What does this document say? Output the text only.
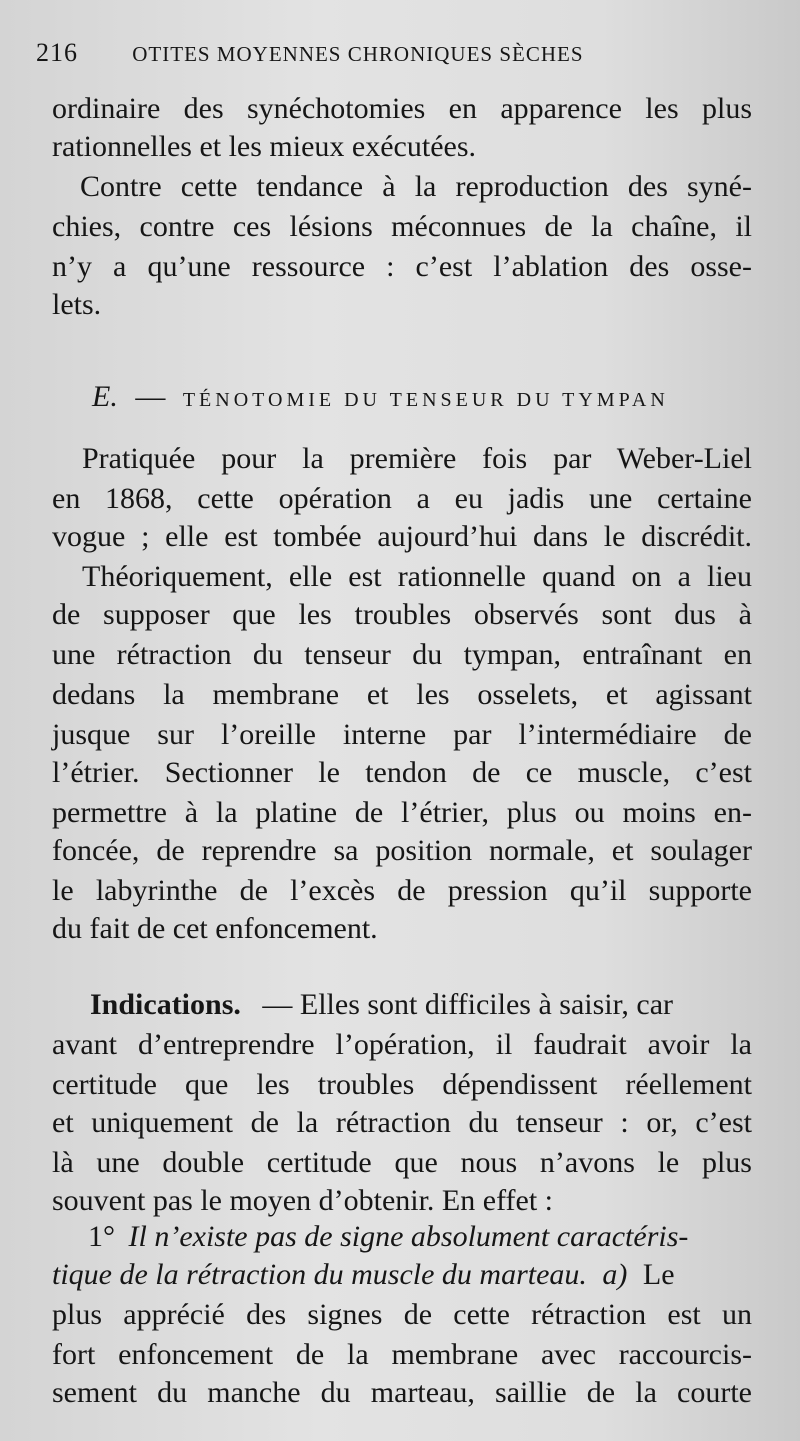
216	OTITES MOYENNES CHRONIQUES SÈCHES
ordinaire des synéchotomies en apparence les plus
rationnelles et les mieux exécutées.
Contre cette tendance à la reproduction des syné-
chies, contre ces lésions méconnues de la chaîne, il
n’y a qu’une ressource : c’est l’ablation des osse-
lets.
E. — TÉNOTOMIE DU TENSEUR DU TYMPAN
Pratiquée pour la première fois par Weber-Liel
en 1868, cette opération a eu jadis une certaine
vogue ; elle est tombée aujourd’hui dans le discrédit.
Théoriquement, elle est rationnelle quand on a lieu
de supposer que les troubles observés sont dus à
une rétraction du tenseur du tympan, entraînant en
dedans la membrane et les osselets, et agissant
jusque sur l’oreille interne par l’intermédiaire de
l’étrier. Sectionner le tendon de ce muscle, c’est
permettre à la platine de l’étrier, plus ou moins en-
foncée, de reprendre sa position normale, et soulager
le labyrinthe de l’excès de pression qu’il supporte
du fait de cet enfoncement.
Indications. — Elles sont difficiles à saisir, car
avant d’entreprendre l’opération, il faudrait avoir la
certitude que les troubles dépendissent réellement
et uniquement de la rétraction du tenseur : or, c’est
là une double certitude que nous n’avons le plus
souvent pas le moyen d’obtenir. En effet :
1° Il n’existe pas de signe absolument caractéris-
tique de la rétraction du muscle du marteau. a) Le
plus apprécié des signes de cette rétraction est un
fort enfoncement de la membrane avec raccourcis-
sement du manche du marteau, saillie de la courte
